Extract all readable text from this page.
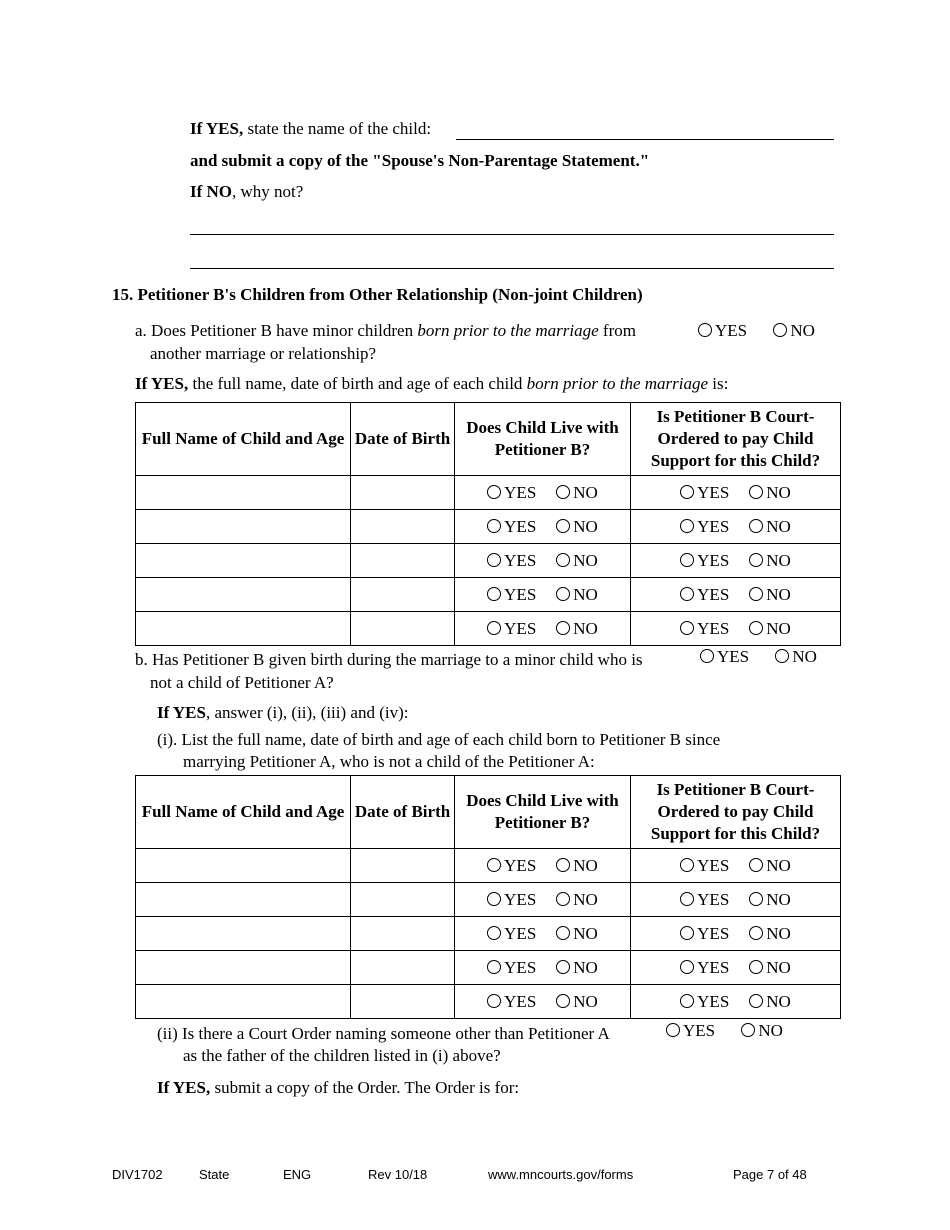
If YES, state the name of the child:
and submit a copy of the "Spouse's Non-Parentage Statement."
If NO, why not?
15. Petitioner B's Children from Other Relationship (Non-joint Children)
a. Does Petitioner B have minor children born prior to the marriage from
another marriage or relationship?
YES	NO
If YES, the full name, date of birth and age of each child born prior to the marriage is:
Full Name of Child and Age	Date of Birth	Does Child Live with Petitioner B?	Is Petitioner B Court-Ordered to pay Child Support for this Child?

		YES NO	YES NO

		YES NO	YES NO

		YES NO	YES NO

		YES NO	YES NO

		YES NO	YES NO
b. Has Petitioner B given birth during the marriage to a minor child who is
not a child of Petitioner A?
YES	NO
If YES, answer (i), (ii), (iii) and (iv):
(i). List the full name, date of birth and age of each child born to Petitioner B since
marrying Petitioner A, who is not a child of the Petitioner A:
Full Name of Child and Age	Date of Birth	Does Child Live with Petitioner B?	Is Petitioner B Court-Ordered to pay Child Support for this Child?

		YES NO	YES NO

		YES NO	YES NO

		YES NO	YES NO

		YES NO	YES NO

		YES NO	YES NO
(ii) Is there a Court Order naming someone other than Petitioner A
as the father of the children listed in (i) above?
YES	NO
If YES, submit a copy of the Order. The Order is for:
DIV1702	State	ENG	Rev 10/18	www.mncourts.gov/forms	Page 7 of 48
